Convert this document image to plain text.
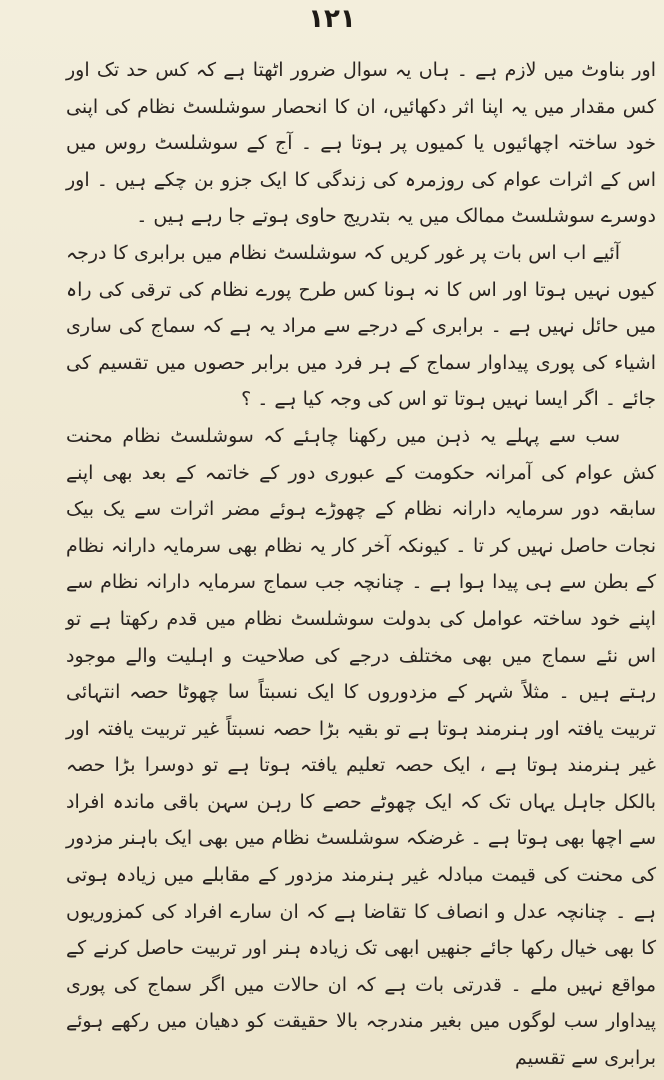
۱۲۱

اور بناوٹ میں لازم ہے ۔ ہاں یہ سوال ضرور اٹھتا ہے کہ کس حد تک اور کس مقدار میں یہ اپنا اثر دکھائیں، ان کا انحصار سوشلسٹ نظام کی اپنی خود ساختہ اچھائیوں یا کمیوں پر ہوتا ہے ۔ آج کے سوشلسٹ روس میں اس کے اثرات عوام کی روزمرہ کی زندگی کا ایک جزو بن چکے ہیں ۔ اور دوسرے سوشلسٹ ممالک میں یہ بتدریج حاوی ہوتے جا رہے ہیں ۔

آئیے اب اس بات پر غور کریں کہ سوشلسٹ نظام میں برابری کا درجہ کیوں نہیں ہوتا اور اس کا نہ ہونا کس طرح پورے نظام کی ترقی کی راہ میں حائل نہیں ہے ۔ برابری کے درجے سے مراد یہ ہے کہ سماج کی ساری اشیاء کی پوری پیداوار سماج کے ہر فرد میں برابر حصوں میں تقسیم کی جائے ۔ اگر ایسا نہیں ہوتا تو اس کی وجہ کیا ہے ۔ ؟

سب سے پہلے یہ ذہن میں رکھنا چاہئے کہ سوشلسٹ نظام محنت کش عوام کی آمرانہ حکومت کے عبوری دور کے خاتمہ کے بعد بھی اپنے سابقہ دور سرمایہ دارانہ نظام کے چھوڑے ہوئے مضر اثرات سے یک بیک نجات حاصل نہیں کر تا ۔ کیونکہ آخر کار یہ نظام بھی سرمایہ دارانہ نظام کے بطن سے ہی پیدا ہوا ہے ۔ چنانچہ جب سماج سرمایہ دارانہ نظام سے اپنے خود ساختہ عوامل کی بدولت سوشلسٹ نظام میں قدم رکھتا ہے تو اس نئے سماج میں بھی مختلف درجے کی صلاحیت و اہلیت والے موجود رہتے ہیں ۔ مثلاً شہر کے مزدوروں کا ایک نسبتاً سا چھوٹا حصہ انتہائی تربیت یافتہ اور ہنرمند ہوتا ہے تو بقیہ بڑا حصہ نسبتاً غیر تربیت یافتہ اور غیر ہنرمند ہوتا ہے ، ایک حصہ تعلیم یافتہ ہوتا ہے تو دوسرا بڑا حصہ بالکل جاہل یہاں تک کہ ایک چھوٹے حصے کا رہن سہن باقی ماندہ افراد سے اچھا بھی ہوتا ہے ۔ غرضکہ سوشلسٹ نظام میں بھی ایک باہنر مزدور کی محنت کی قیمت مبادلہ غیر ہنرمند مزدور کے مقابلے میں زیادہ ہوتی ہے ۔ چنانچہ عدل و انصاف کا تقاضا ہے کہ ان سارے افراد کی کمزوریوں کا بھی خیال رکھا جائے جنھیں ابھی تک زیادہ ہنر اور تربیت حاصل کرنے کے مواقع نہیں ملے ۔ قدرتی بات ہے کہ ان حالات میں اگر سماج کی پوری پیداوار سب لوگوں میں بغیر مندرجہ بالا حقیقت کو دھیان میں رکھے ہوئے برابری سے تقسیم
